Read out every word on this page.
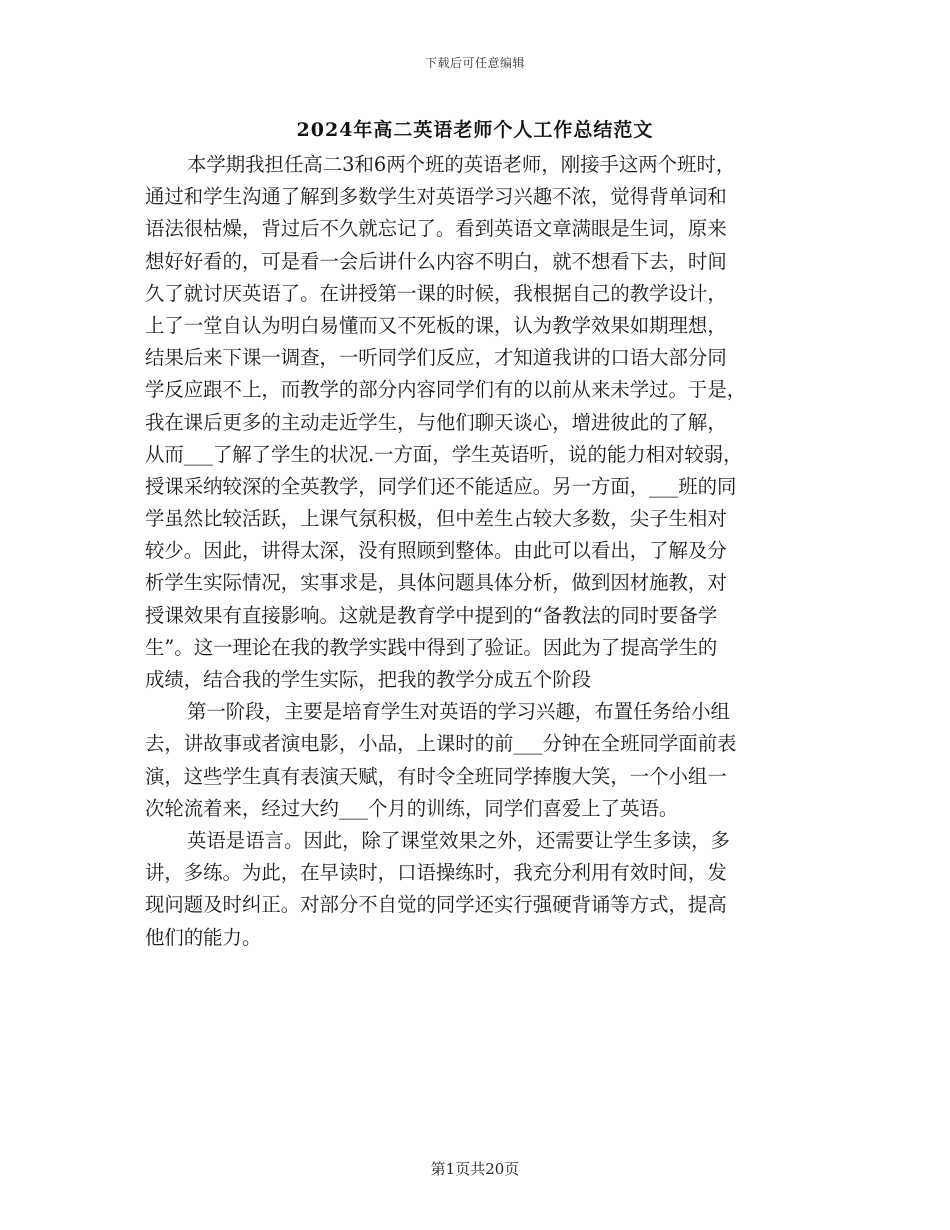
下载后可任意编辑
2024年高二英语老师个人工作总结范文
本学期我担任高二3和6两个班的英语老师，刚接手这两个班时，
通过和学生沟通了解到多数学生对英语学习兴趣不浓，觉得背单词和
语法很枯燥，背过后不久就忘记了。看到英语文章满眼是生词，原来
想好好看的，可是看一会后讲什么内容不明白，就不想看下去，时间
久了就讨厌英语了。在讲授第一课的时候，我根据自己的教学设计，
上了一堂自认为明白易懂而又不死板的课，认为教学效果如期理想，
结果后来下课一调查，一听同学们反应，才知道我讲的口语大部分同
学反应跟不上，而教学的部分内容同学们有的以前从来未学过。于是，
我在课后更多的主动走近学生，与他们聊天谈心，增进彼此的了解，
从而___了解了学生的状况.一方面，学生英语听，说的能力相对较弱，
授课采纳较深的全英教学，同学们还不能适应。另一方面，___班的同
学虽然比较活跃，上课气氛积极，但中差生占较大多数，尖子生相对
较少。因此，讲得太深，没有照顾到整体。由此可以看出，了解及分
析学生实际情况，实事求是，具体问题具体分析，做到因材施教，对
授课效果有直接影响。这就是教育学中提到的“备教法的同时要备学
生”。这一理论在我的教学实践中得到了验证。因此为了提高学生的
成绩，结合我的学生实际，把我的教学分成五个阶段
第一阶段，主要是培育学生对英语的学习兴趣，布置任务给小组
去，讲故事或者演电影，小品，上课时的前___分钟在全班同学面前表
演，这些学生真有表演天赋，有时令全班同学捧腹大笑，一个小组一
次轮流着来，经过大约___个月的训练，同学们喜爱上了英语。
英语是语言。因此，除了课堂效果之外，还需要让学生多读，多
讲，多练。为此，在早读时，口语操练时，我充分利用有效时间，发
现问题及时纠正。对部分不自觉的同学还实行强硬背诵等方式，提高
他们的能力。
第1页共20页
